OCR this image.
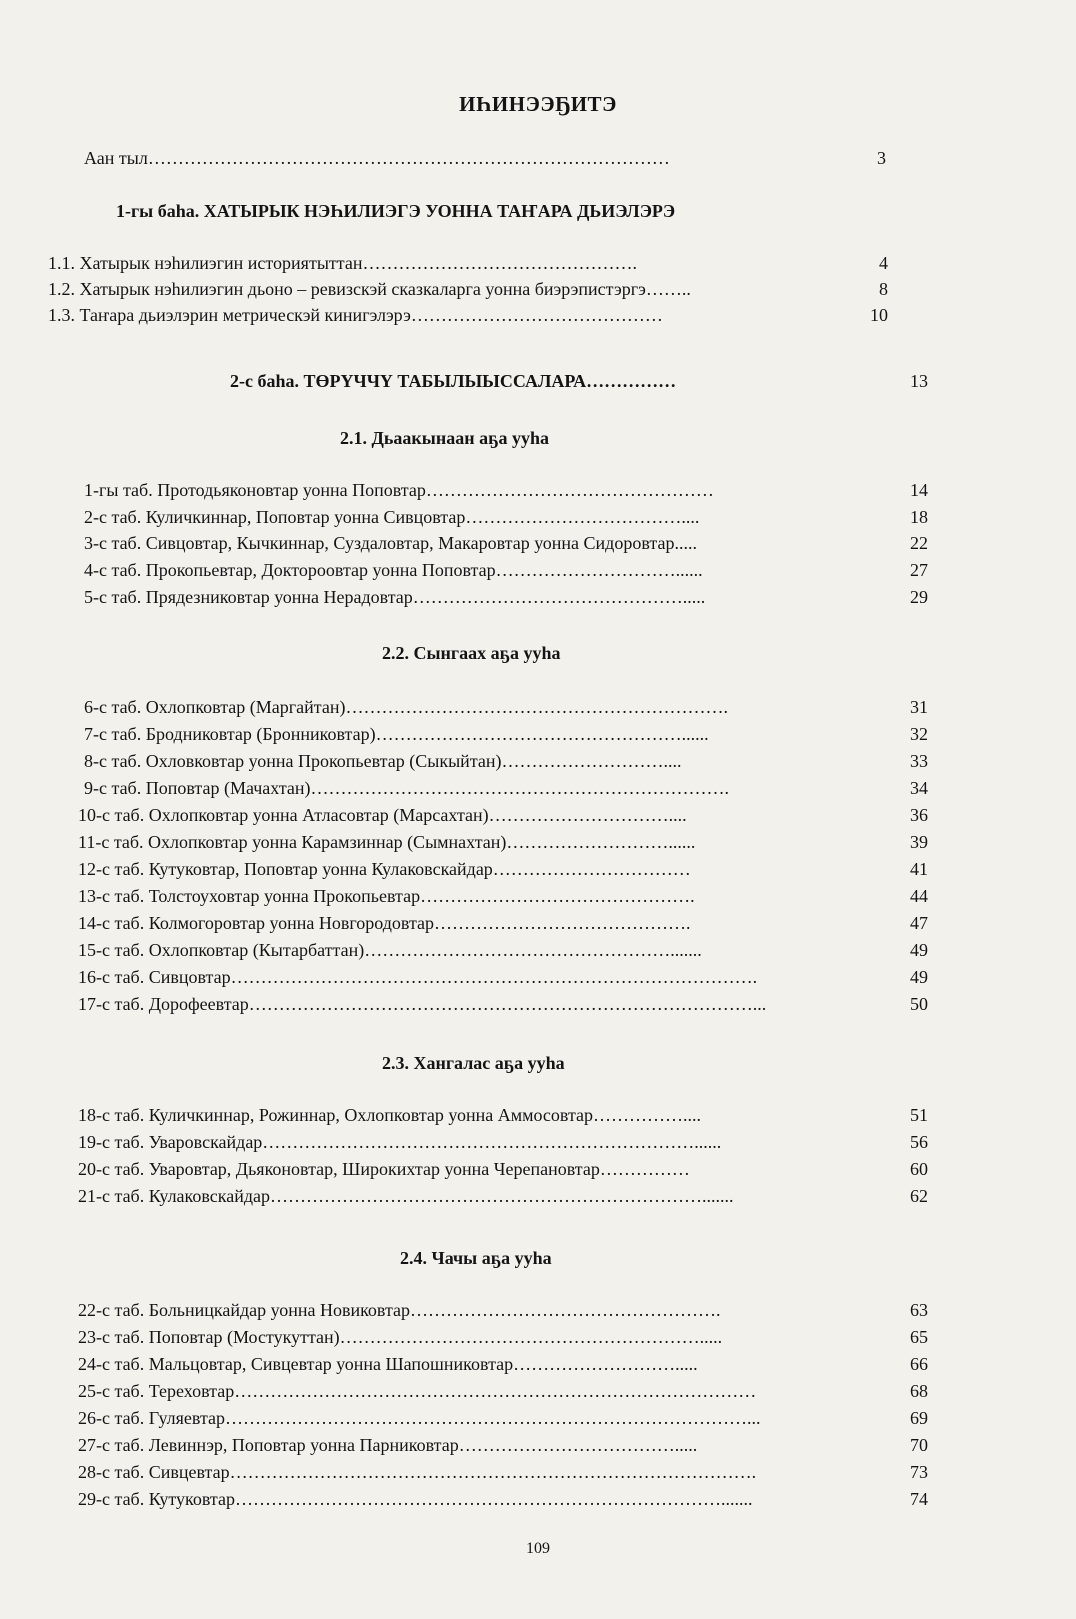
ИҺИНЭЭҔИТЭ
Аан тыл……………………………………………………………………………	3
1-гы баһа. ХАТЫРЫК НЭҺИЛИЭГЭ УОННА ТАҤАРА ДЬИЭЛЭРЭ
1.1. Хатырык нэһилиэгин историятыттан……………………………………….	4
1.2. Хатырык нэһилиэгин дьоно – ревизскэй сказкаларга уонна биэрэпистэргэ……..	8
1.3. Таҥара дьиэлэрин метрическэй кинигэлэрэ……………………………………	10
2-с баһа. ТӨРҮЧЧҮ ТАБЫЛЫЫССАЛАРА……………	13
2.1. Дьаакынаан аҕа ууһа
1-гы таб. Протодьяконовтар уонна Поповтар…………………………………………	14
2-с таб. Куличкиннар, Поповтар уонна Сивцовтар………………………………....	18
3-с таб. Сивцовтар, Кычкиннар, Суздаловтар, Макаровтар уонна Сидоровтар.....	22
4-с таб. Прокопьевтар, Доктороовтар уонна Поповтар…………………………......	27
5-с таб. Прядезниковтар уонна Нерадовтар……………………………………….....	29
2.2. Сынгаах аҕа ууһа
6-с таб. Охлопковтар (Маргайтан)……………………………………………………….	31
7-с таб. Бродниковтар (Бронниковтар)……………………………………………......	32
8-с таб. Охловковтар уонна Прокопьевтар (Сыкыйтан)………………………....	33
9-с таб. Поповтар (Мачахтан)…………………………………………………………….	34
10-с таб. Охлопковтар уонна Атласовтар (Марсахтан)…………………………....	36
11-с таб. Охлопковтар уонна Карамзиннар (Сымнахтан)………………………......	39
12-с таб. Кутуковтар, Поповтар уонна Кулаковскайдар……………………………	41
13-с таб. Толстоуховтар уонна Прокопьевтар……………………………………….	44
14-с таб. Колмогоровтар уонна Новгородовтар…………………………………….	47
15-с таб. Охлопковтар (Кытарбаттан)…………………………………………….......	49
16-с таб. Сивцовтар…………………………………………………………………………….	49
17-с таб. Дорофеевтар…………………………………………………………………………...	50
2.3. Хангалас аҕа ууһа
18-с таб. Куличкиннар, Рожиннар, Охлопковтар уонна Аммосовтар……………....	51
19-с таб. Уваровскайдар………………………………………………………………......	56
20-с таб. Уваровтар, Дьяконовтар, Широкихтар уонна Черепановтар……………	60
21-с таб. Кулаковскайдар……………………………………………………………….......	62
2.4. Чачы аҕа ууһа
22-с таб. Больницкайдар уонна Новиковтар…………………………………………….	63
23-с таб. Поповтар (Мостукуттан)…………………………………………………….....	65
24-с таб. Мальцовтар, Сивцевтар уонна Шапошниковтар……………………….....	66
25-с таб. Тереховтар……………………………………………………………………………	68
26-с таб. Гуляевтар……………………………………………………………………………...	69
27-с таб. Левиннэр, Поповтар уонна Парниковтар……………………………….....	70
28-с таб. Сивцевтар…………………………………………………………………………….	73
29-с таб. Кутуковтар……………………………………………………………………….......	74
109
